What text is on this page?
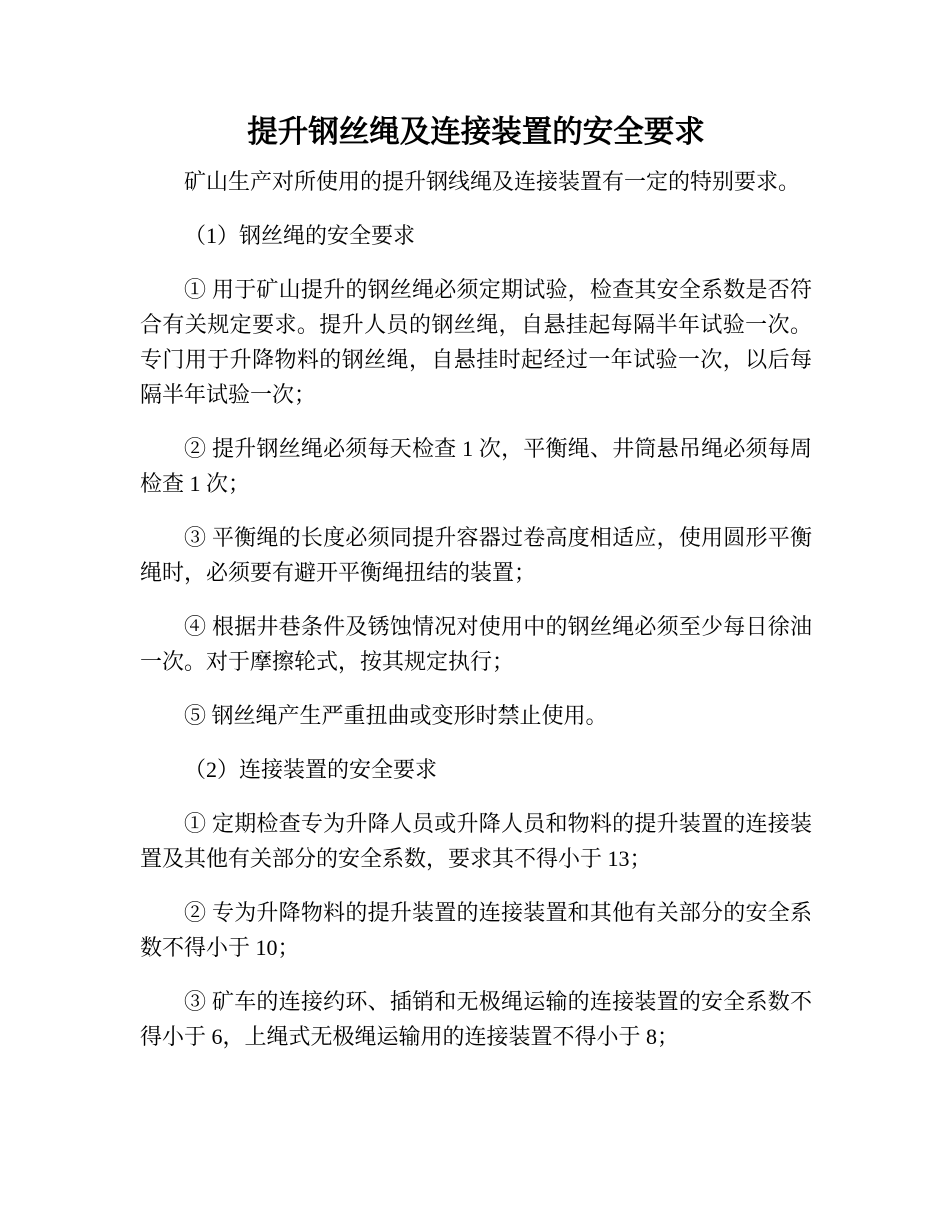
提升钢丝绳及连接装置的安全要求

矿山生产对所使用的提升钢线绳及连接装置有一定的特别要求。

（1）钢丝绳的安全要求

① 用于矿山提升的钢丝绳必须定期试验，检查其安全系数是否符合有关规定要求。提升人员的钢丝绳，自悬挂起每隔半年试验一次。专门用于升降物料的钢丝绳，自悬挂时起经过一年试验一次，以后每隔半年试验一次；

② 提升钢丝绳必须每天检查 1 次，平衡绳、井筒悬吊绳必须每周检查 1 次；

③ 平衡绳的长度必须同提升容器过卷高度相适应，使用圆形平衡绳时，必须要有避开平衡绳扭结的装置；

④ 根据井巷条件及锈蚀情况对使用中的钢丝绳必须至少每日徐油一次。对于摩擦轮式，按其规定执行；

⑤ 钢丝绳产生严重扭曲或变形时禁止使用。

（2）连接装置的安全要求

① 定期检查专为升降人员或升降人员和物料的提升装置的连接装置及其他有关部分的安全系数，要求其不得小于 13；

② 专为升降物料的提升装置的连接装置和其他有关部分的安全系数不得小于 10；

③ 矿车的连接约环、插销和无极绳运输的连接装置的安全系数不得小于 6，上绳式无极绳运输用的连接装置不得小于 8；
